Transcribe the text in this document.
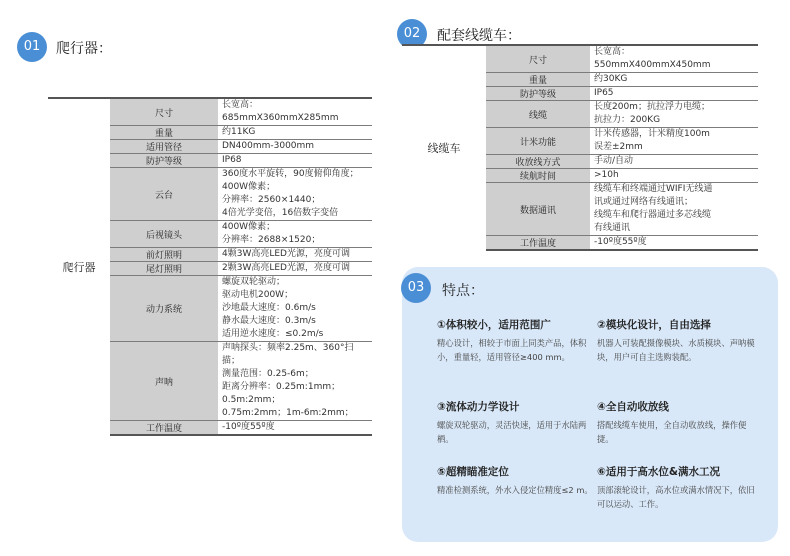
01	爬行器：
02	配套线缆车：
爬行器	尺寸	长宽高：685mmX360mmX285mm

	重量	约11KG

	适用管径	DN400mm-3000mm

	防护等级	IP68

	云台	360度水平旋转，90度俯仰角度；
400W像素；
分辨率：2560×1440；
4倍光学变倍，16倍数字变倍

	后视镜头	400W像素；
分辨率：2688×1520；

	前灯照明	4颗3W高亮LED光源，亮度可调

	尾灯照明	2颗3W高亮LED光源，亮度可调

	动力系统	螺旋双轮驱动；
驱动电机200W；
沙地最大速度：0.6m/s
静水最大速度：0.3m/s
适用逆水速度：≤0.2m/s

	声呐	声呐探头：频率2.25m、360°扫描；
测量范围：0.25-6m；
距离分辨率：0.25m:1mm；0.5m:2mm；
0.75m:2mm；1m-6m:2mm；

	工作温度	-10º度55º度
线缆车	尺寸	长宽高：
550mmX400mmX450mm

	重量	约30KG

	防护等级	IP65

	线缆	长度200m；抗拉浮力电缆；
抗拉力：200KG

	计米功能	计米传感器，计米精度100m
误差±2mm

	收放线方式	手动/自动

	续航时间	>10h

	数据通讯	线缆车和终端通过WIFI无线通
讯或通过网络有线通讯；
线缆车和爬行器通过多芯线缆
有线通讯

	工作温度	-10º度55º度
03	特点：
①体积较小，适用范围广
精心设计，相较于市面上同类产品，体积小，重量轻，适用管径≥400 mm。
②模块化设计，自由选择
机器人可装配摄像模块、水质模块、声呐模块，用户可自主选购装配。
③流体动力学设计
螺旋双轮驱动，灵活快速，适用于水陆两栖。
④全自动收放线
搭配线缆车使用，全自动收放线，操作便捷。
⑤超精瞄准定位
精准检测系统，外水入侵定位精度≤2 m。
⑥适用于高水位&满水工况
顶部滚轮设计，高水位或满水情况下，依旧可以运动、工作。
